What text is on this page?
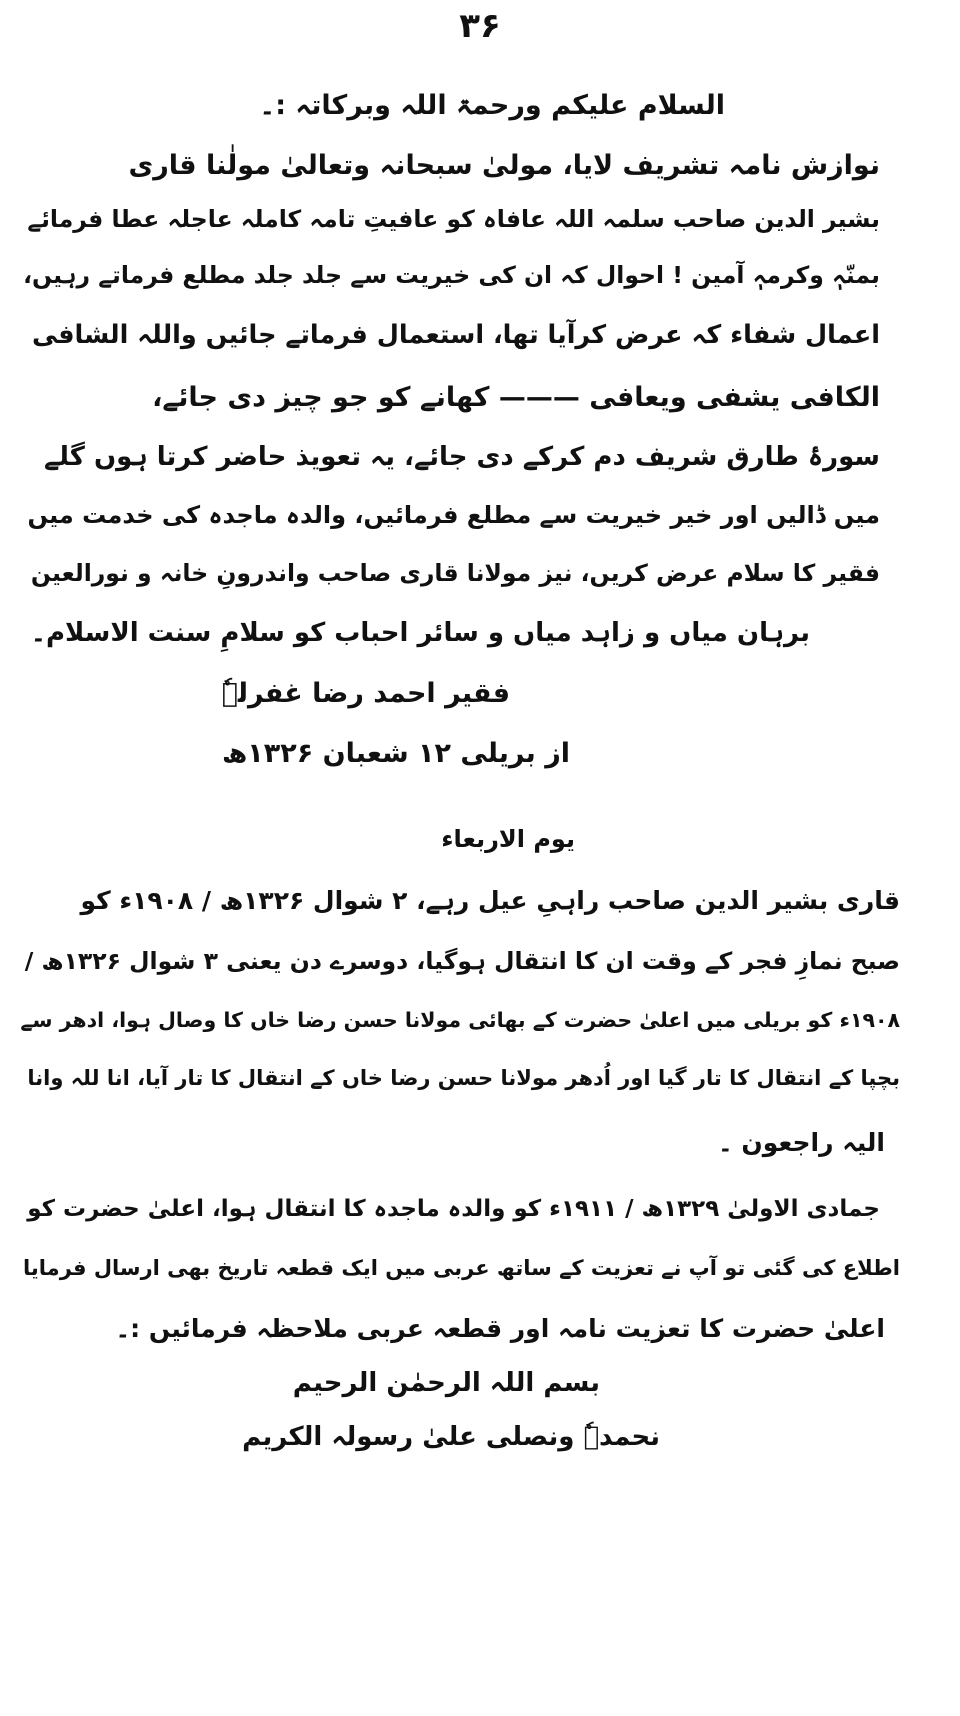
۳۶
السلام علیکم ورحمۃ اللہ وبرکاتہ :۔
نوازش نامہ تشریف لایا، مولیٰ سبحانہ وتعالیٰ مولٰنا قاری
بشیر الدین صاحب سلمہ اللہ عافاہ کو عافیتِ تامہ کاملہ عاجلہ عطا فرمائے
بمنّہٖ وکرمہٖ آمین ! احوال کہ ان کی خیریت سے جلد جلد مطلع فرماتے رہیں،
اعمال شفاء کہ عرض کرآیا تھا، استعمال فرماتے جائیں واللہ الشافی
الکافی یشفی ویعافی ——— کھانے کو جو چیز دی جائے،
سورۂ طارق شریف دم کرکے دی جائے، یہ تعویذ حاضر کرتا ہوں گلے
میں ڈالیں اور خیر خیریت سے مطلع فرمائیں، والدہ ماجدہ کی خدمت میں
فقیر کا سلام عرض کریں، نیز مولانا قاری صاحب واندرونِ خانہ و نورالعین
برہان میاں و زاہد میاں و سائر احباب کو سلامِ سنت الاسلام۔
فقیر احمد رضا غفرلہٗ
از بریلی ۱۲ شعبان ۱۳۲۶ھ
یوم الاربعاء
قاری بشیر الدین صاحب راہیِ عیل رہے، ۲ شوال ۱۳۲۶ھ / ۱۹۰۸ء کو
صبح نمازِ فجر کے وقت ان کا انتقال ہوگیا، دوسرے دن یعنی ۳ شوال ۱۳۲۶ھ /
۱۹۰۸ء کو بریلی میں اعلیٰ حضرت کے بھائی مولانا حسن رضا خاں کا وصال ہوا، ادھر سے
بچپا کے انتقال کا تار گیا اور اُدھر مولانا حسن رضا خاں کے انتقال کا تار آیا، انا للہ وانا
الیہ راجعون ۔
جمادی الاولیٰ ۱۳۲۹ھ / ۱۹۱۱ء کو والدہ ماجدہ کا انتقال ہوا، اعلیٰ حضرت کو
اطلاع کی گئی تو آپ نے تعزیت کے ساتھ عربی میں ایک قطعہ تاریخ بھی ارسال فرمایا
اعلیٰ حضرت کا تعزیت نامہ اور قطعہ عربی ملاحظہ فرمائیں :۔
بسم اللہ الرحمٰن الرحیم
نحمدہٗ ونصلی علیٰ رسولہ الکریم
